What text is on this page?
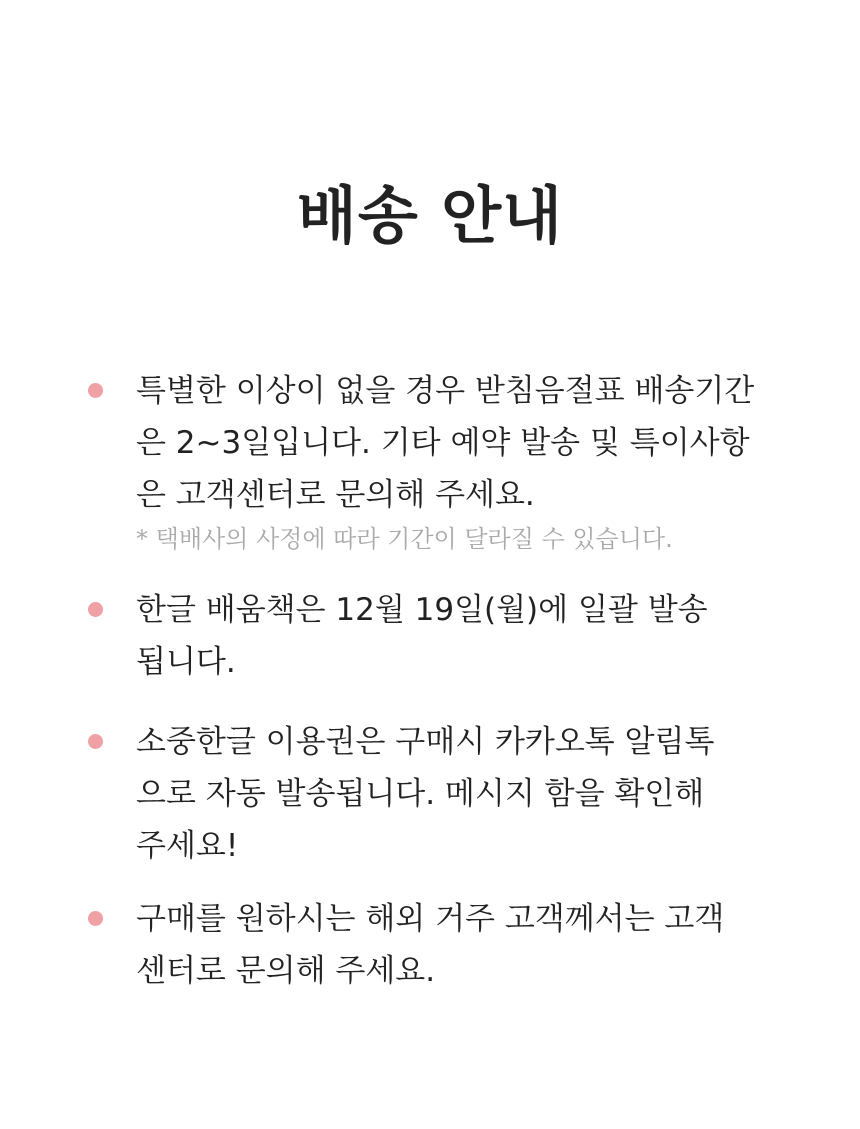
배송 안내
특별한 이상이 없을 경우 받침음절표 배송기간
은 2~3일입니다. 기타 예약 발송 및 특이사항
은 고객센터로 문의해 주세요.
* 택배사의 사정에 따라 기간이 달라질 수 있습니다.
한글 배움책은 12월 19일(월)에 일괄 발송
됩니다.
소중한글 이용권은 구매시 카카오톡 알림톡
으로 자동 발송됩니다. 메시지 함을 확인해
주세요!
구매를 원하시는 해외 거주 고객께서는 고객
센터로 문의해 주세요.
